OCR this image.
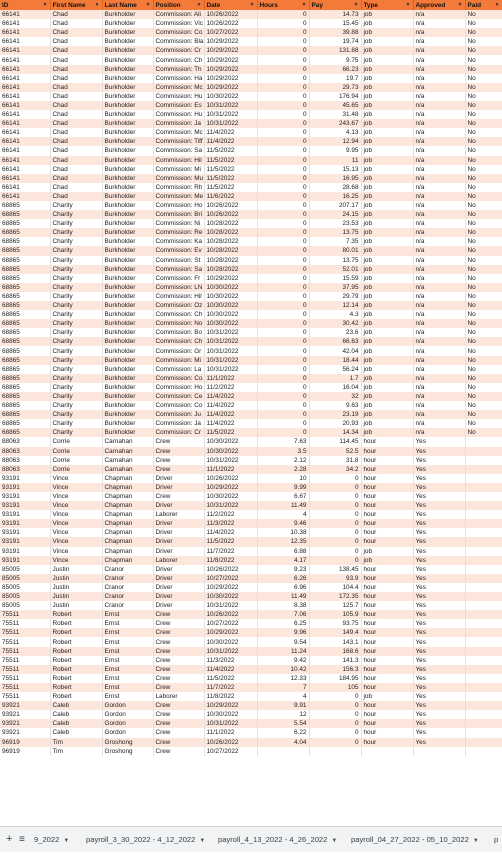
ID ▼	First Name ▼	Last Name ▼	Position ▼	Date ▼	Hours ▼	Pay ▼	Type ▼	Approved ▼	Paid ▼

66141	Chad	Burkholder	Commission: Ali	10/26/2022	0	14.73	job	n/a	No
66141	Chad	Burkholder	Commission: Vic	10/26/2022	0	15.45	job	n/a	No
66141	Chad	Burkholder	Commission: Co	10/27/2022	0	39.88	job	n/a	No
66141	Chad	Burkholder	Commission: Bla	10/29/2022	0	19.74	job	n/a	No
66141	Chad	Burkholder	Commission: Cr	10/29/2022	0	131.88	job	n/a	No
66141	Chad	Burkholder	Commission: Ch	10/29/2022	0	9.75	job	n/a	No
66141	Chad	Burkholder	Commission: Th	10/29/2022	0	66.23	job	n/a	No
66141	Chad	Burkholder	Commission: Ha	10/29/2022	0	19.7	job	n/a	No
66141	Chad	Burkholder	Commission: Mc	10/29/2022	0	29.73	job	n/a	No
66141	Chad	Burkholder	Commission: Hu	10/30/2022	0	176.94	job	n/a	No
66141	Chad	Burkholder	Commission: Es	10/31/2022	0	45.65	job	n/a	No
66141	Chad	Burkholder	Commission: Hu	10/31/2022	0	31.48	job	n/a	No
66141	Chad	Burkholder	Commission: Ja	10/31/2022	0	243.67	job	n/a	No
66141	Chad	Burkholder	Commission: Mc	11/4/2022	0	4.13	job	n/a	No
66141	Chad	Burkholder	Commission: Tiff	11/4/2022	0	12.94	job	n/a	No
66141	Chad	Burkholder	Commission: Sa	11/5/2022	0	9.95	job	n/a	No
66141	Chad	Burkholder	Commission: Hil	11/5/2022	0	11	job	n/a	No
66141	Chad	Burkholder	Commission: Mi	11/5/2022	0	15.13	job	n/a	No
66141	Chad	Burkholder	Commission: Mu	11/5/2022	0	16.95	job	n/a	No
66141	Chad	Burkholder	Commission: Rh	11/5/2022	0	28.68	job	n/a	No
66141	Chad	Burkholder	Commission: Me	11/6/2022	0	16.25	job	n/a	No
68865	Charity	Burkholder	Commission: Ho	10/26/2022	0	207.17	job	n/a	No
68865	Charity	Burkholder	Commission: Bri	10/26/2022	0	24.15	job	n/a	No
68865	Charity	Burkholder	Commission: Ni	10/28/2022	0	23.53	job	n/a	No
68865	Charity	Burkholder	Commission: Re	10/28/2022	0	13.75	job	n/a	No
68865	Charity	Burkholder	Commission: Ka	10/28/2022	0	7.35	job	n/a	No
68865	Charity	Burkholder	Commission: Ev	10/28/2022	0	80.01	job	n/a	No
68865	Charity	Burkholder	Commission: St	10/28/2022	0	13.75	job	n/a	No
68865	Charity	Burkholder	Commission: Sa	10/28/2022	0	52.01	job	n/a	No
68865	Charity	Burkholder	Commission: Fr	10/29/2022	0	15.59	job	n/a	No
68865	Charity	Burkholder	Commission: LN	10/30/2022	0	37.95	job	n/a	No
68865	Charity	Burkholder	Commission: Hil	10/30/2022	0	29.79	job	n/a	No
68865	Charity	Burkholder	Commission: Oz	10/30/2022	0	12.14	job	n/a	No
68865	Charity	Burkholder	Commission: Ch	10/30/2022	0	4.3	job	n/a	No
68865	Charity	Burkholder	Commission: No	10/30/2022	0	30.42	job	n/a	No
68865	Charity	Burkholder	Commission: Bo	10/31/2022	0	23.6	job	n/a	No
68865	Charity	Burkholder	Commission: Ch	10/31/2022	0	66.63	job	n/a	No
68865	Charity	Burkholder	Commission: Gr	10/31/2022	0	42.04	job	n/a	No
68865	Charity	Burkholder	Commission: Mi	10/31/2022	0	18.44	job	n/a	No
68865	Charity	Burkholder	Commission: La	10/31/2022	0	56.24	job	n/a	No
68865	Charity	Burkholder	Commission: Co	11/1/2022	0	1.7	job	n/a	No
68865	Charity	Burkholder	Commission: Ho	11/2/2022	0	16.04	job	n/a	No
68865	Charity	Burkholder	Commission: Ce	11/4/2022	0	32	job	n/a	No
68865	Charity	Burkholder	Commission: Co	11/4/2022	0	9.63	job	n/a	No
68865	Charity	Burkholder	Commission: Ju	11/4/2022	0	23.19	job	n/a	No
68865	Charity	Burkholder	Commission: Ja	11/4/2022	0	20.93	job	n/a	No
68865	Charity	Burkholder	Commission: Cr	11/5/2022	0	14.34	job	n/a	No
88063	Corrie	Carnahan	Crew	10/30/2022	7.63	114.45	hour	Yes	
88063	Corrie	Carnahan	Crew	10/30/2022	3.5	52.5	hour	Yes	
88063	Corrie	Carnahan	Crew	10/31/2022	2.12	31.8	hour	Yes	
88063	Corrie	Carnahan	Crew	11/1/2022	2.28	34.2	hour	Yes	
93191	Vince	Chapman	Driver	10/26/2022	10	0	hour	Yes	
93191	Vince	Chapman	Driver	10/29/2022	9.99	0	hour	Yes	
93191	Vince	Chapman	Crew	10/30/2022	6.67	0	hour	Yes	
93191	Vince	Chapman	Driver	10/31/2022	11.49	0	hour	Yes	
93191	Vince	Chapman	Laborer	11/2/2022	4	0	hour	Yes	
93191	Vince	Chapman	Driver	11/3/2022	9.46	0	hour	Yes	
93191	Vince	Chapman	Driver	11/4/2022	10.38	0	hour	Yes	
93191	Vince	Chapman	Driver	11/5/2022	12.35	0	hour	Yes	
93191	Vince	Chapman	Driver	11/7/2022	6.88	0	job	Yes	
93191	Vince	Chapman	Laborer	11/8/2022	4.17	0	job	Yes	
85005	Justin	Cranor	Driver	10/26/2022	9.23	138.45	hour	Yes	
85005	Justin	Cranor	Driver	10/27/2022	6.26	93.9	hour	Yes	
85005	Justin	Cranor	Driver	10/29/2022	6.96	104.4	hour	Yes	
85005	Justin	Cranor	Driver	10/30/2022	11.49	172.35	hour	Yes	
85005	Justin	Cranor	Driver	10/31/2022	8.38	125.7	hour	Yes	
75511	Robert	Ernst	Crew	10/26/2022	7.06	105.9	hour	Yes	
75511	Robert	Ernst	Crew	10/27/2022	6.25	93.75	hour	Yes	
75511	Robert	Ernst	Crew	10/29/2022	9.96	149.4	hour	Yes	
75511	Robert	Ernst	Crew	10/30/2022	9.54	143.1	hour	Yes	
75511	Robert	Ernst	Crew	10/31/2022	11.24	168.6	hour	Yes	
75511	Robert	Ernst	Crew	11/3/2022	9.42	141.3	hour	Yes	
75511	Robert	Ernst	Crew	11/4/2022	10.42	156.3	hour	Yes	
75511	Robert	Ernst	Crew	11/5/2022	12.33	184.95	hour	Yes	
75511	Robert	Ernst	Crew	11/7/2022	7	105	hour	Yes	
75511	Robert	Ernst	Laborer	11/8/2022	4	0	job	Yes	
93921	Caleb	Gordon	Crew	10/29/2022	9.91	0	hour	Yes	
93921	Caleb	Gordon	Crew	10/30/2022	12	0	hour	Yes	
93921	Caleb	Gordon	Crew	10/31/2022	5.54	0	hour	Yes	
93921	Caleb	Gordon	Crew	11/1/2022	6.22	0	hour	Yes	
96919	Tim	Groshong	Crew	10/26/2022	4.04	0	hour	Yes	
96919	Tim	Groshong	Crew	10/27/2022					
+ ≡	9_2022 ▼	payroll_3_30_2022 - 4_12_2022 ▼	payroll_4_13_2022 - 4_26_2022 ▼	payroll_04_27_2022 - 05_10_2022 ▼	p
